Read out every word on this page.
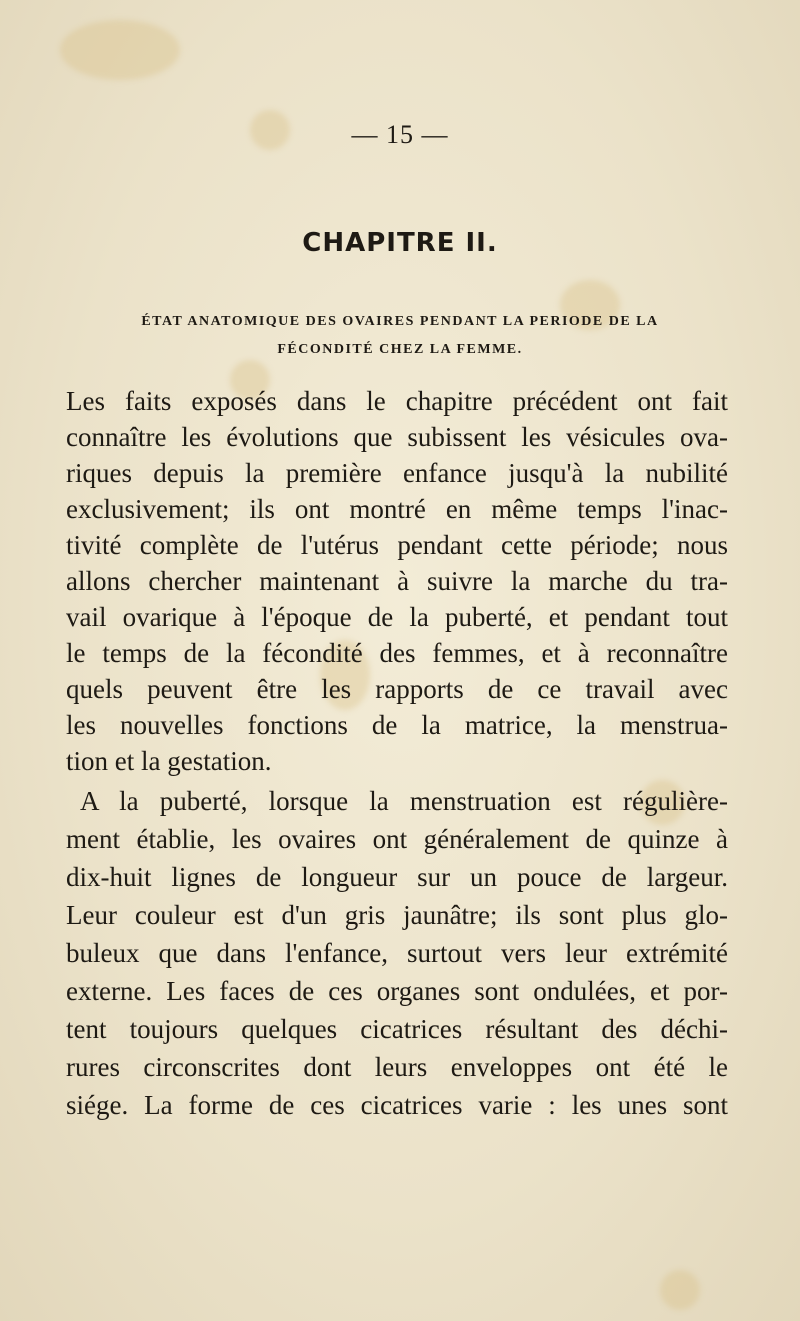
— 15 —
CHAPITRE II.
ÉTAT ANATOMIQUE DES OVAIRES PENDANT LA PERIODE DE LA
FÉCONDITÉ CHEZ LA FEMME.
Les faits exposés dans le chapitre précédent ont fait
connaître les évolutions que subissent les vésicules ova-
riques depuis la première enfance jusqu'à la nubilité
exclusivement; ils ont montré en même temps l'inac-
tivité complète de l'utérus pendant cette période; nous
allons chercher maintenant à suivre la marche du tra-
vail ovarique à l'époque de la puberté, et pendant tout
le temps de la fécondité des femmes, et à reconnaître
quels peuvent être les rapports de ce travail avec
les nouvelles fonctions de la matrice, la menstrua-
tion et la gestation.
A la puberté, lorsque la menstruation est régulière-
ment établie, les ovaires ont généralement de quinze à
dix-huit lignes de longueur sur un pouce de largeur.
Leur couleur est d'un gris jaunâtre; ils sont plus glo-
buleux que dans l'enfance, surtout vers leur extrémité
externe. Les faces de ces organes sont ondulées, et por-
tent toujours quelques cicatrices résultant des déchi-
rures circonscrites dont leurs enveloppes ont été le
siége. La forme de ces cicatrices varie : les unes sont
